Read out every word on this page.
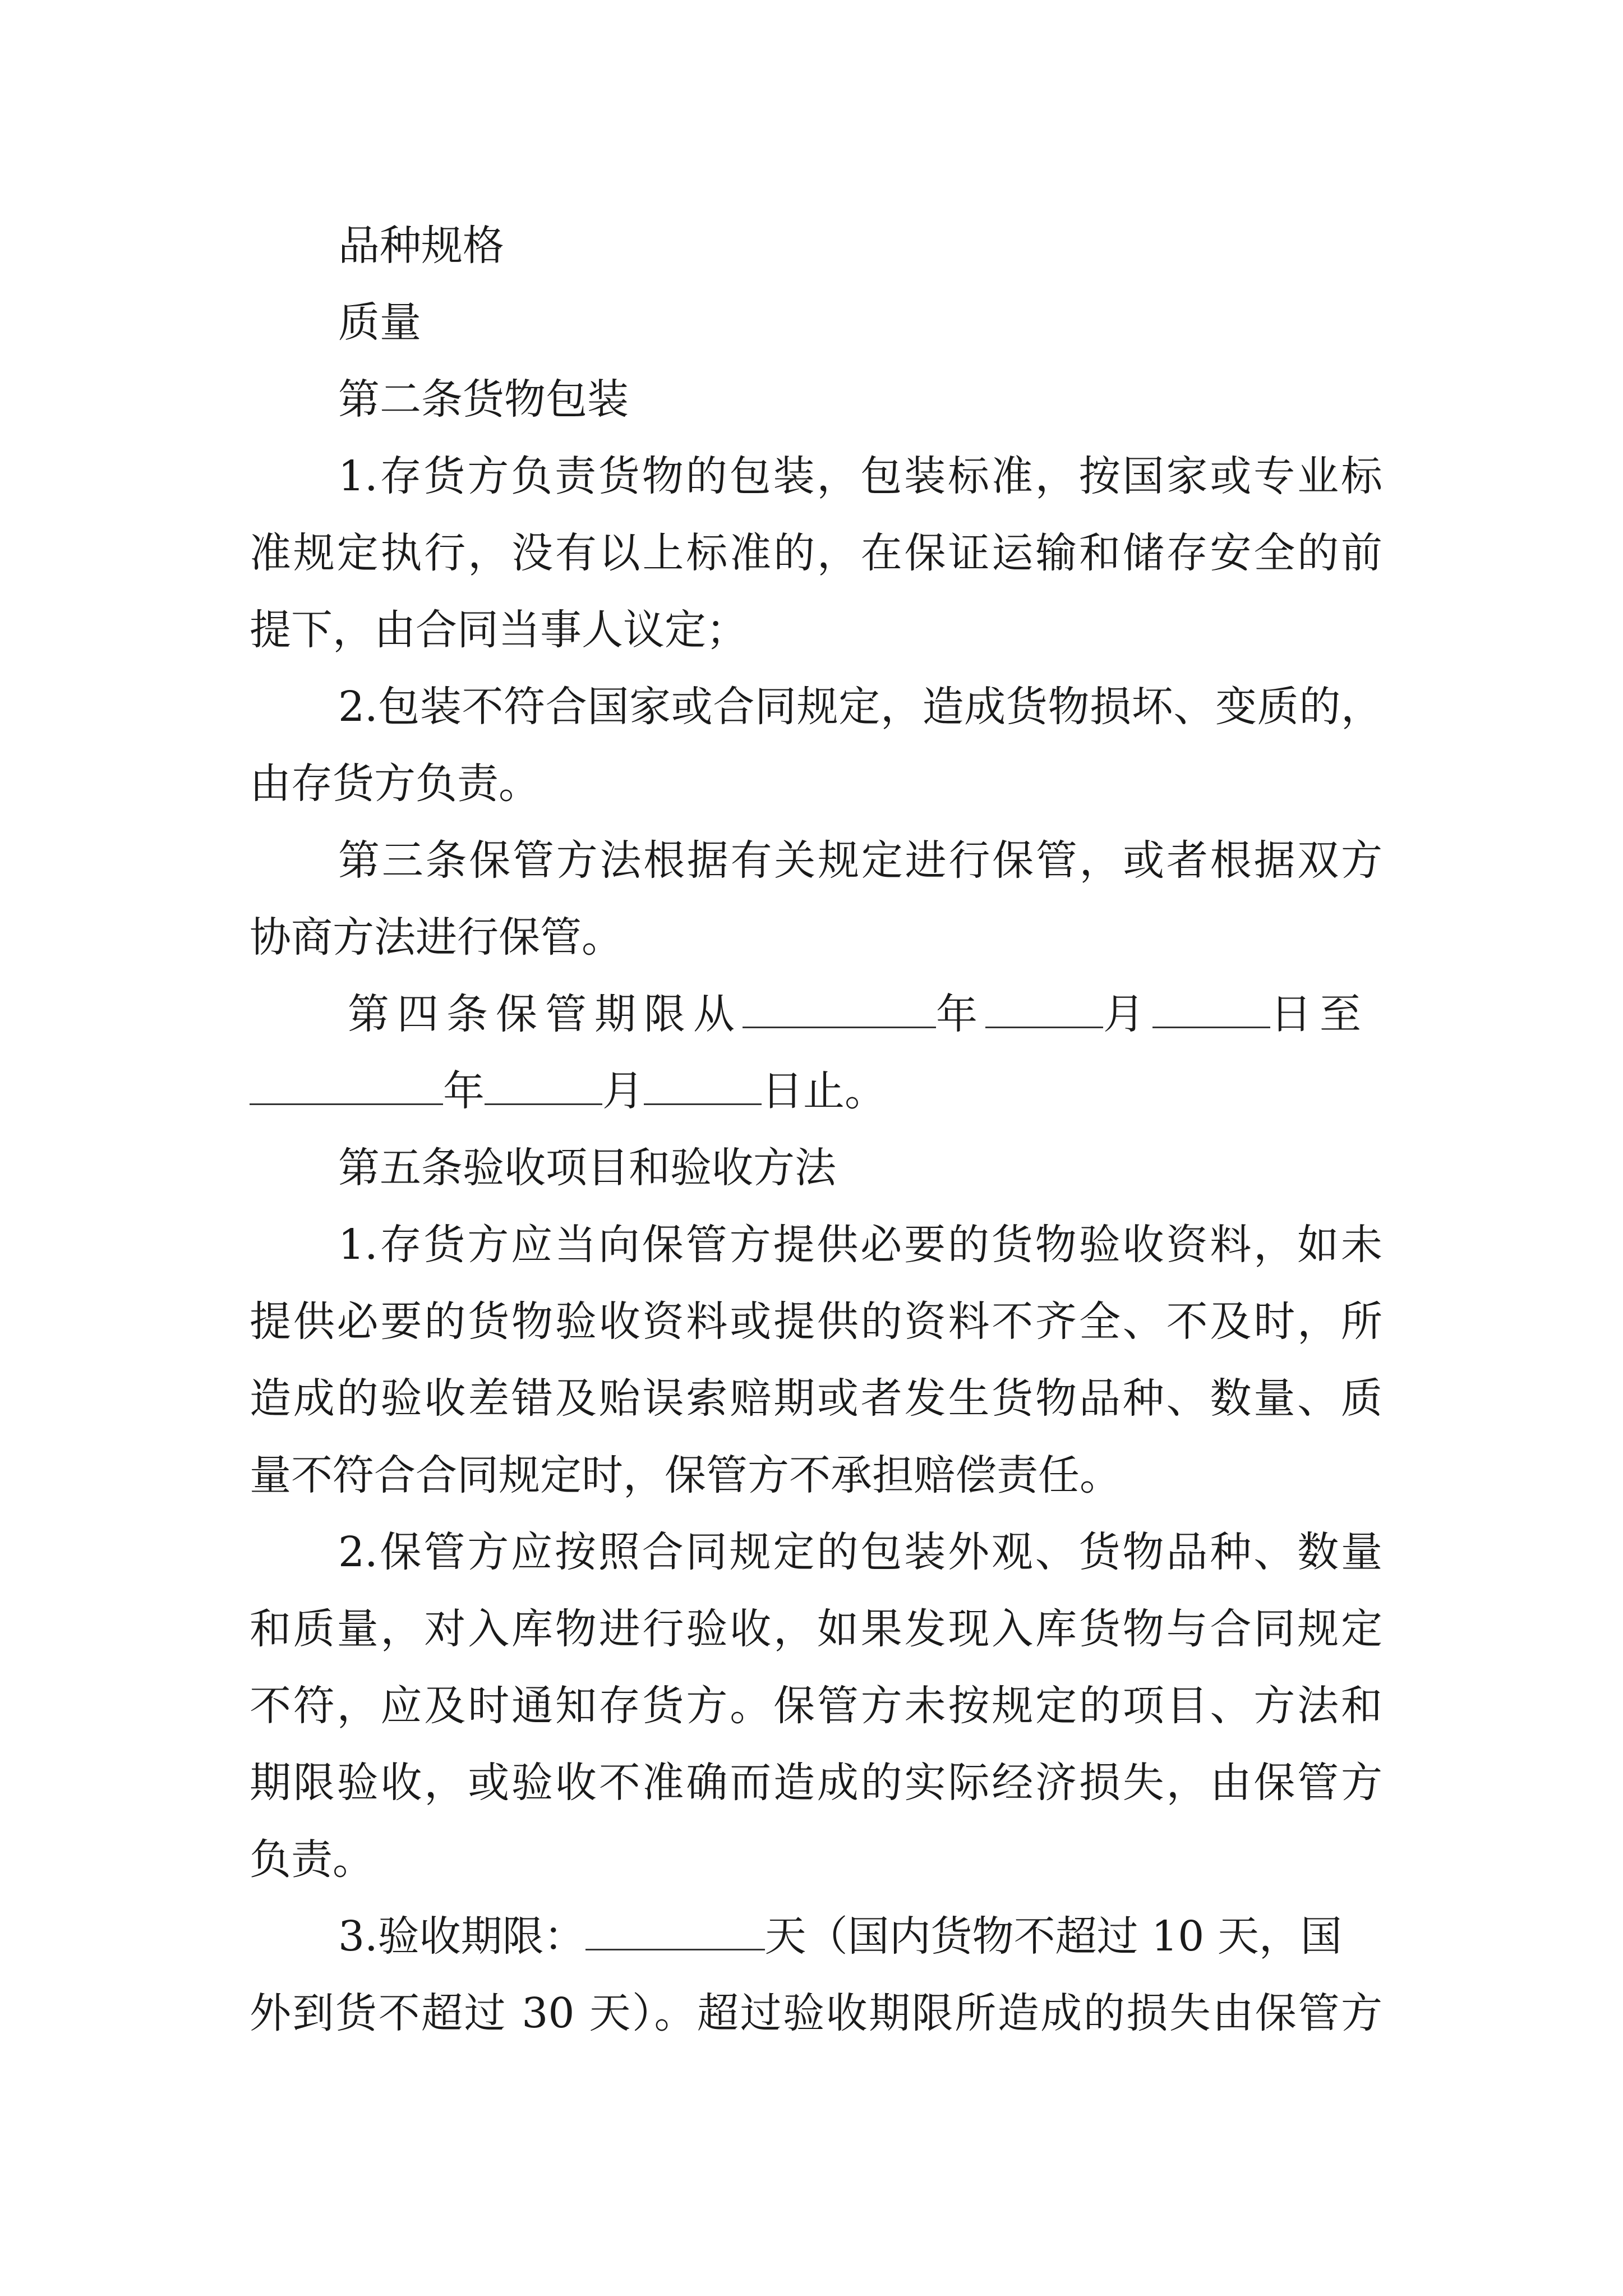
品种规格

质量

第二条货物包装

1.存货方负责货物的包装，包装标准，按国家或专业标

准规定执行，没有以上标准的，在保证运输和储存安全的前

提下，由合同当事人议定；

2.包装不符合国家或合同规定，造成货物损坏、变质的，

由存货方负责。

第三条保管方法根据有关规定进行保管，或者根据双方

协商方法进行保管。

第四条保管期限从	年	月	日至

年	月	日止。

第五条验收项目和验收方法

1.存货方应当向保管方提供必要的货物验收资料，如未

提供必要的货物验收资料或提供的资料不齐全、不及时，所

造成的验收差错及贻误索赔期或者发生货物品种、数量、质

量不符合合同规定时，保管方不承担赔偿责任。

2.保管方应按照合同规定的包装外观、货物品种、数量

和质量，对入库物进行验收，如果发现入库货物与合同规定

不符，应及时通知存货方。保管方未按规定的项目、方法和

期限验收，或验收不准确而造成的实际经济损失，由保管方

负责。

3.验收期限：	天（国内货物不超过 10 天，国

外到货不超过 30 天）。超过验收期限所造成的损失由保管方
